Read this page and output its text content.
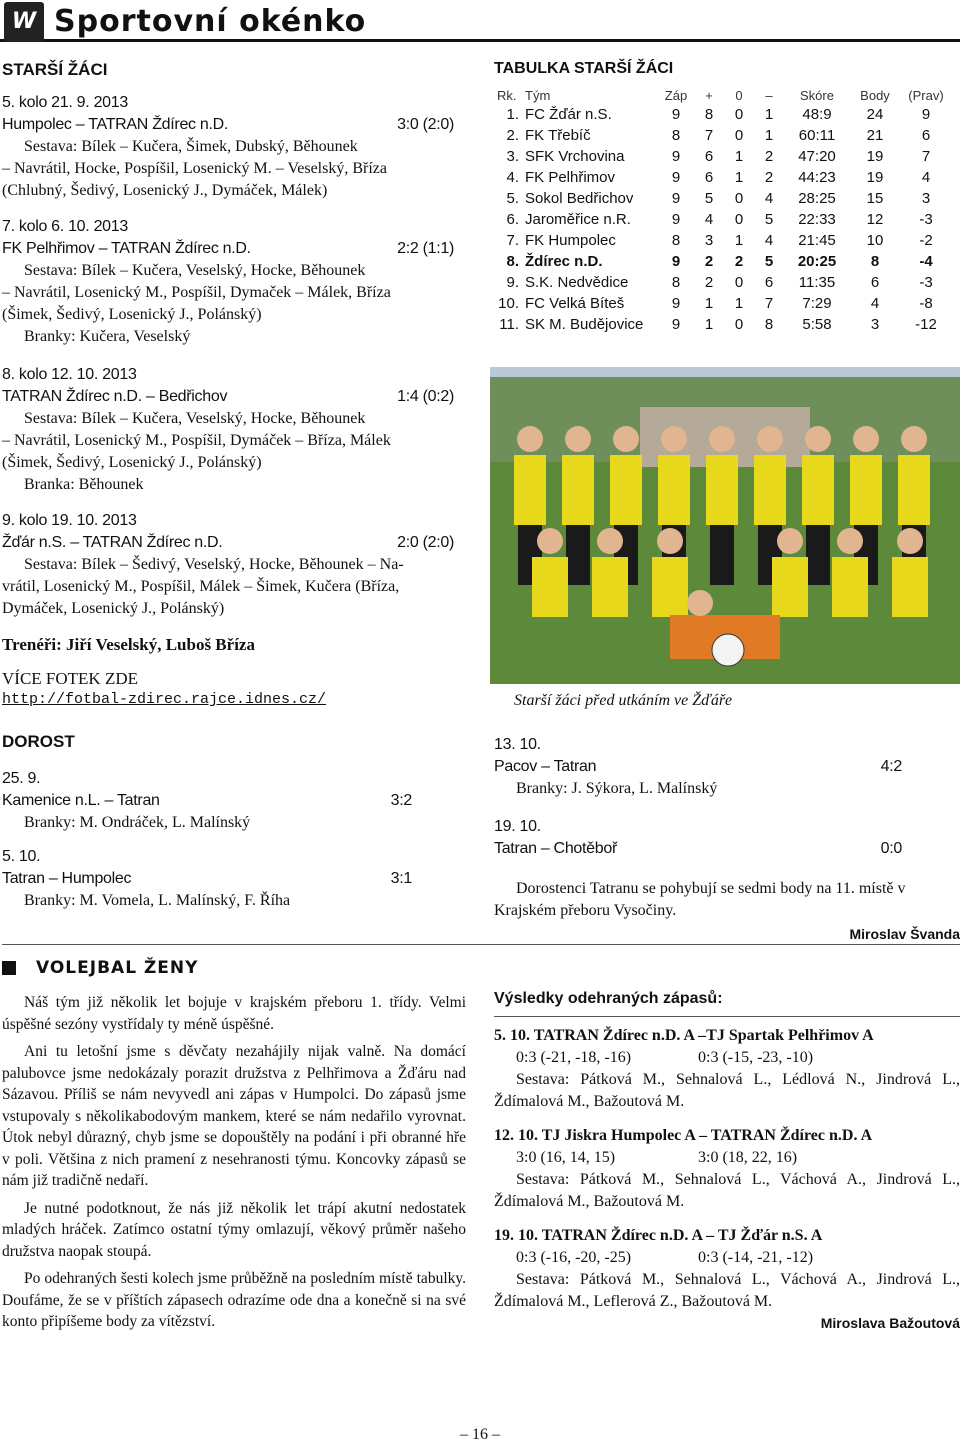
W Sportovní okénko
STARŠÍ ŽÁCI
5. kolo 21. 9. 2013
Humpolec – TATRAN Ždírec n.D.	3:0 (2:0)
Sestava: Bílek – Kučera, Šimek, Dubský, Běhounek
– Navrátil, Hocke, Pospíšil, Losenický M. – Veselský, Bříza
(Chlubný, Šedivý, Losenický J., Dymáček, Málek)
7. kolo 6. 10. 2013
FK Pelhřimov – TATRAN Ždírec n.D.	2:2 (1:1)
Sestava: Bílek – Kučera, Veselský, Hocke, Běhounek
– Navrátil, Losenický M., Pospíšil, Dymaček – Málek, Bříza
(Šimek, Šedivý, Losenický J., Polánský)
Branky: Kučera, Veselský
8. kolo 12. 10. 2013
TATRAN Ždírec n.D. – Bedřichov	1:4 (0:2)
Sestava: Bílek – Kučera, Veselský, Hocke, Běhounek
– Navrátil, Losenický M., Pospíšil, Dymáček – Bříza, Málek
(Šimek, Šedivý, Losenický J., Polánský)
Branka: Běhounek
9. kolo 19. 10. 2013
Žďár n.S. – TATRAN Ždírec n.D.	2:0 (2:0)
Sestava: Bílek – Šedivý, Veselský, Hocke, Běhounek – Na-
vrátil, Losenický M., Pospíšil, Málek – Šimek, Kučera (Bříza,
Dymáček, Losenický J., Polánský)
Trenéři: Jiří Veselský, Luboš Bříza
VÍCE FOTEK ZDE
http://fotbal-zdirec.rajce.idnes.cz/
TABULKA STARŠÍ ŽÁCI
Rk.	Tým	Záp	+	0	–	Skóre	Body	(Prav)
1.	FC Žďár n.S.	9	8	0	1	48:9	24	9
2.	FK Třebíč	8	7	0	1	60:11	21	6
3.	SFK Vrchovina	9	6	1	2	47:20	19	7
4.	FK Pelhřimov	9	6	1	2	44:23	19	4
5.	Sokol Bedřichov	9	5	0	4	28:25	15	3
6.	Jaroměřice n.R.	9	4	0	5	22:33	12	-3
7.	FK Humpolec	8	3	1	4	21:45	10	-2
8.	Ždírec n.D.	9	2	2	5	20:25	8	-4
9.	S.K. Nedvědice	8	2	0	6	11:35	6	-3
10.	FC Velká Bíteš	9	1	1	7	7:29	4	-8
11.	SK M. Budějovice	9	1	0	8	5:58	3	-12
Starší žáci před utkáním ve Žďáře
DOROST
25. 9.
Kamenice n.L. – Tatran	3:2
Branky: M. Ondráček, L. Malínský
5. 10.
Tatran – Humpolec	3:1
Branky: M. Vomela, L. Malínský, F. Říha
13. 10.
Pacov – Tatran	4:2
Branky: J. Sýkora, L. Malínský
19. 10.
Tatran – Chotěboř	0:0
Dorostenci Tatranu se pohybují se sedmi body na 11. místě v Krajském přeboru Vysočiny.
Miroslav Švanda
VOLEJBAL ŽENY

Náš tým již několik let bojuje v krajském přeboru 1. třídy. Velmi úspěšné sezóny vystřídaly ty méně úspěšné.

Ani tu letošní jsme s děvčaty nezahájily nijak valně. Na domácí palubovce jsme nedokázaly porazit družstva z Pelhřimova a Žďáru nad Sázavou. Příliš se nám nevyvedl ani zápas v Humpolci. Do zápasů jsme vstupovaly s několikabodovým mankem, které se nám nedařilo vyrovnat. Útok nebyl důrazný, chyb jsme se dopouštěly na podání i při obranné hře v poli. Většina z nich pramení z nesehranosti týmu. Koncovky zápasů se nám již tradičně nedaří.

Je nutné podotknout, že nás již několik let trápí akutní nedostatek mladých hráček. Zatímco ostatní týmy omlazují, věkový průměr našeho družstva naopak stoupá.

Po odehraných šesti kolech jsme průběžně na posledním místě tabulky. Doufáme, že se v příštích zápasech odrazíme ode dna a konečně si na své konto připíšeme body za vítězství.

Výsledky odehraných zápasů:
5. 10. TATRAN Ždírec n.D. A –TJ Spartak Pelhřimov A
0:3 (-21, -18, -16)	0:3 (-15, -23, -10)
Sestava: Pátková M., Sehnalová L., Lédlová N., Jindrová L., Ždímalová M., Bažoutová M.
12. 10. TJ Jiskra Humpolec A – TATRAN Ždírec n.D. A
3:0 (16, 14, 15)	3:0 (18, 22, 16)
Sestava: Pátková M., Sehnalová L., Váchová A., Jindrová L., Ždímalová M., Bažoutová M.
19. 10. TATRAN Ždírec n.D. A – TJ Žďár n.S. A
0:3 (-16, -20, -25)	0:3 (-14, -21, -12)
Sestava: Pátková M., Sehnalová L., Váchová A., Jindrová L., Ždímalová M., Leflerová Z., Bažoutová M.
Miroslava Bažoutová
– 16 –
